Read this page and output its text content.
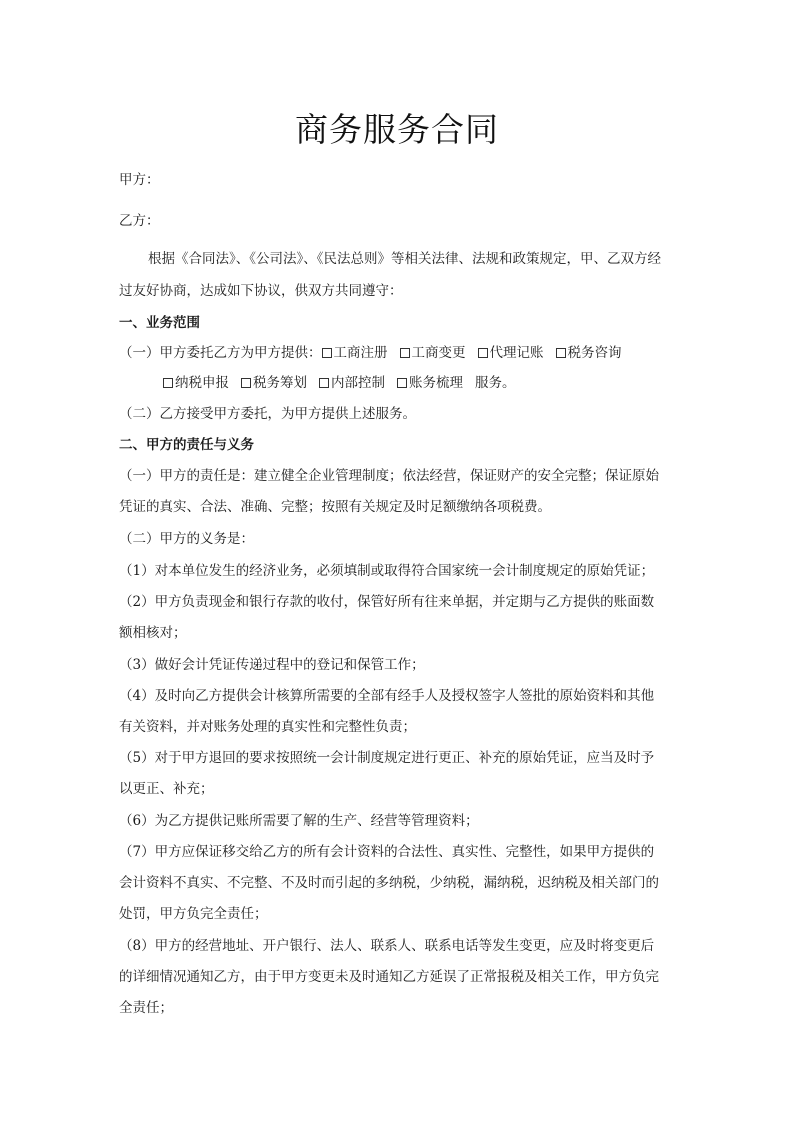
商务服务合同
甲方：
乙方：
根据《合同法》、《公司法》、《民法总则》等相关法律、法规和政策规定，甲、乙双方经
过友好协商，达成如下协议，供双方共同遵守：
一、业务范围
（一）甲方委托乙方为甲方提供： 工商注册 工商变更 代理记账 税务咨询
纳税申报 税务筹划 内部控制 账务梳理 服务。
（二）乙方接受甲方委托，为甲方提供上述服务。
二、甲方的责任与义务
（一）甲方的责任是：建立健全企业管理制度；依法经营，保证财产的安全完整；保证原始
凭证的真实、合法、准确、完整；按照有关规定及时足额缴纳各项税费。
（二）甲方的义务是：
（1）对本单位发生的经济业务，必须填制或取得符合国家统一会计制度规定的原始凭证；
（2）甲方负责现金和银行存款的收付，保管好所有往来单据，并定期与乙方提供的账面数
额相核对；
（3）做好会计凭证传递过程中的登记和保管工作；
（4）及时向乙方提供会计核算所需要的全部有经手人及授权签字人签批的原始资料和其他
有关资料，并对账务处理的真实性和完整性负责；
（5）对于甲方退回的要求按照统一会计制度规定进行更正、补充的原始凭证，应当及时予
以更正、补充；
（6）为乙方提供记账所需要了解的生产、经营等管理资料；
（7）甲方应保证移交给乙方的所有会计资料的合法性、真实性、完整性，如果甲方提供的
会计资料不真实、不完整、不及时而引起的多纳税，少纳税，漏纳税，迟纳税及相关部门的
处罚，甲方负完全责任；
（8）甲方的经营地址、开户银行、法人、联系人、联系电话等发生变更，应及时将变更后
的详细情况通知乙方，由于甲方变更未及时通知乙方延误了正常报税及相关工作，甲方负完
全责任；
